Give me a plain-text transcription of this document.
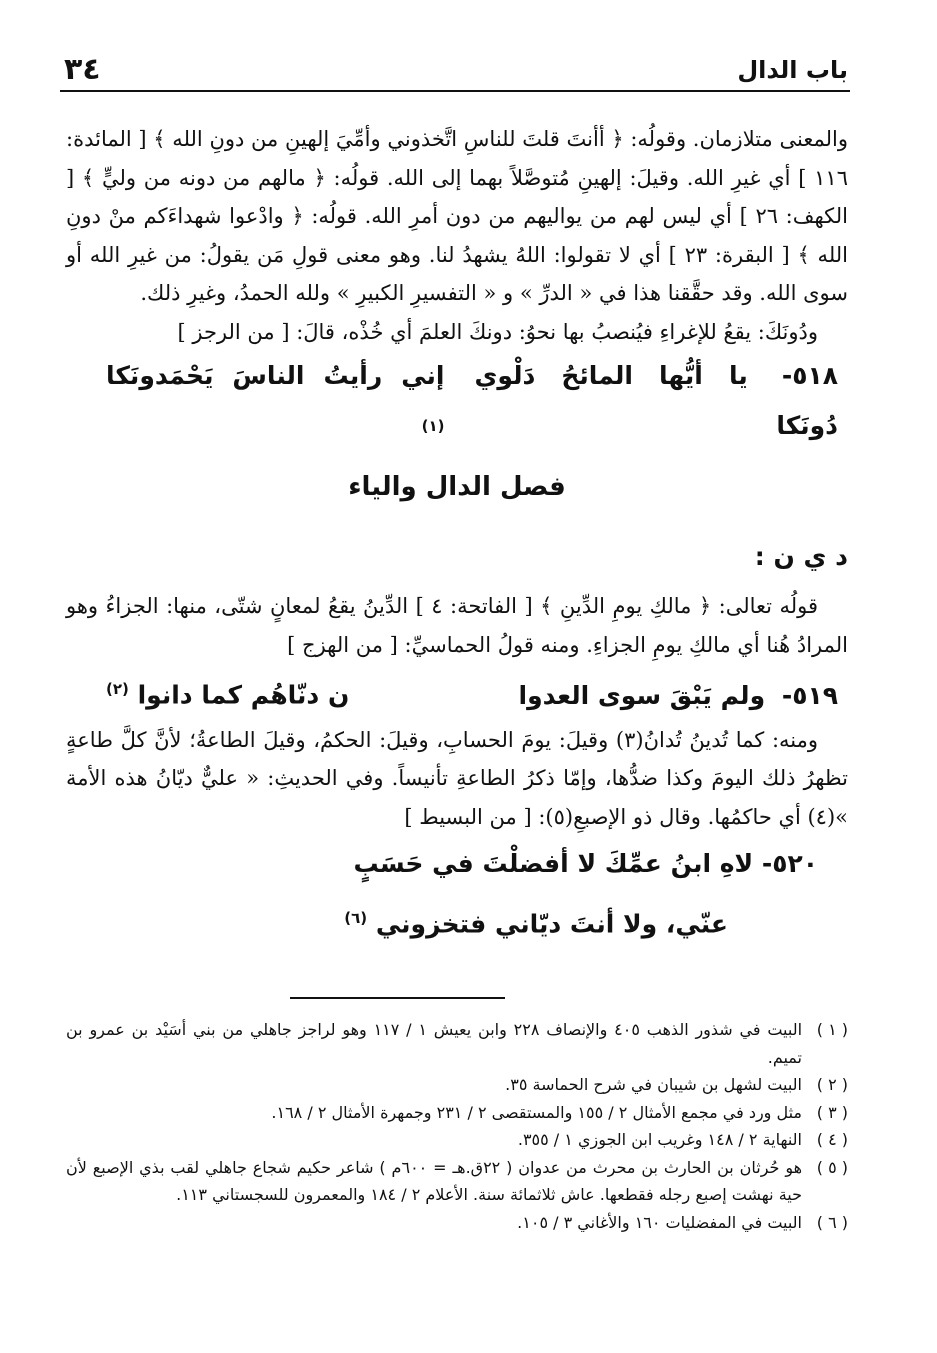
باب الدال
٣٤

والمعنى متلازمان. وقولُه: ﴿ أأنتَ قلتَ للناسِ اتَّخذوني وأمِّيَ إلهينِ من دونِ الله ﴾ [ المائدة: ١١٦ ] أي غيرِ الله. وقيلَ: إلهينِ مُتوصَّلاً بهما إلى الله. قولُه: ﴿ مالهم من دونه من وليٍّ ﴾ [ الكهف: ٢٦ ] أي ليس لهم من يواليهم من دون أمرِ الله. قولُه: ﴿ وادْعوا شهداءَكم منْ دونِ الله ﴾ [ البقرة: ٢٣ ] أي لا تقولوا: اللهُ يشهدُ لنا. وهو معنى قولِ مَن يقولُ: من غيرِ الله أو سوى الله. وقد حقَّقنا هذا في « الدرِّ » و « التفسيرِ الكبيرِ » ولله الحمدُ، وغيرِ ذلك.

ودُونَكَ: يقعُ للإغراءِ فيُنصبُ بها نحوُ: دونكَ العلمَ أي خُذْه، قالَ: [ من الرجز ]

٥١٨- يا أيُّها المائحُ دَلْوي دُونَكا
إني رأيتُ الناسَ يَحْمَدونَكا $^{(١)}$
فصل الدال والياء

د ي ن :

قولُه تعالى: ﴿ مالكِ يومِ الدِّينِ ﴾ [ الفاتحة: ٤ ] الدِّينُ يقعُ لمعانٍ شتّى، منها: الجزاءُ وهو المرادُ هُنا أي مالكِ يومِ الجزاءِ. ومنه قولُ الحماسيِّ: [ من الهزج ]

٥١٩- ولم يَبْقَ سوى العدوا
ن دنّاهُم كما دانوا $^{(٢)}$

ومنه: كما تُدينُ تُدانُ(٣) وقيلَ: يومَ الحسابِ، وقيلَ: الحكمُ، وقيلَ الطاعةُ؛ لأنَّ كلَّ طاعةٍ تظهرُ ذلك اليومَ وكذا ضدُّها، وإمّا ذكرُ الطاعةِ تأنيساً. وفي الحديثِ: « عليٌّ ديّانُ هذه الأمة »(٤) أي حاكمُها. وقال ذو الإصبعِ(٥): [ من البسيط ]

٥٢٠- لاهِ ابنُ عمِّكَ لا أفضلْتَ في حَسَبٍ
عنّي، ولا أنتَ ديّاني فتخزوني $^{(٦)}$
( ١ )
البيت في شذور الذهب ٤٠٥ والإنصاف ٢٢٨ وابن يعيش ١ / ١١٧ وهو لراجز جاهلي من بني أسَيْد بن عمرو بن تميم.
( ٢ )
البيت لشهل بن شيبان في شرح الحماسة ٣٥.
( ٣ )
مثل ورد في مجمع الأمثال ٢ / ١٥٥ والمستقصى ٢ / ٢٣١ وجمهرة الأمثال ٢ / ١٦٨.
( ٤ )
النهاية ٢ / ١٤٨ وغريب ابن الجوزي ١ / ٣٥٥.
( ٥ )
هو حُرثان بن الحارث بن محرث من عدوان ( ٢٢ق.هـ = ٦٠٠م ) شاعر حكيم شجاع جاهلي لقب بذي الإصبع لأن حية نهشت إصبع رجله فقطعها. عاش ثلاثمائة سنة. الأعلام ٢ / ١٨٤ والمعمرون للسجستاني ١١٣.
( ٦ )
البيت في المفضليات ١٦٠ والأغاني ٣ / ١٠٥.
